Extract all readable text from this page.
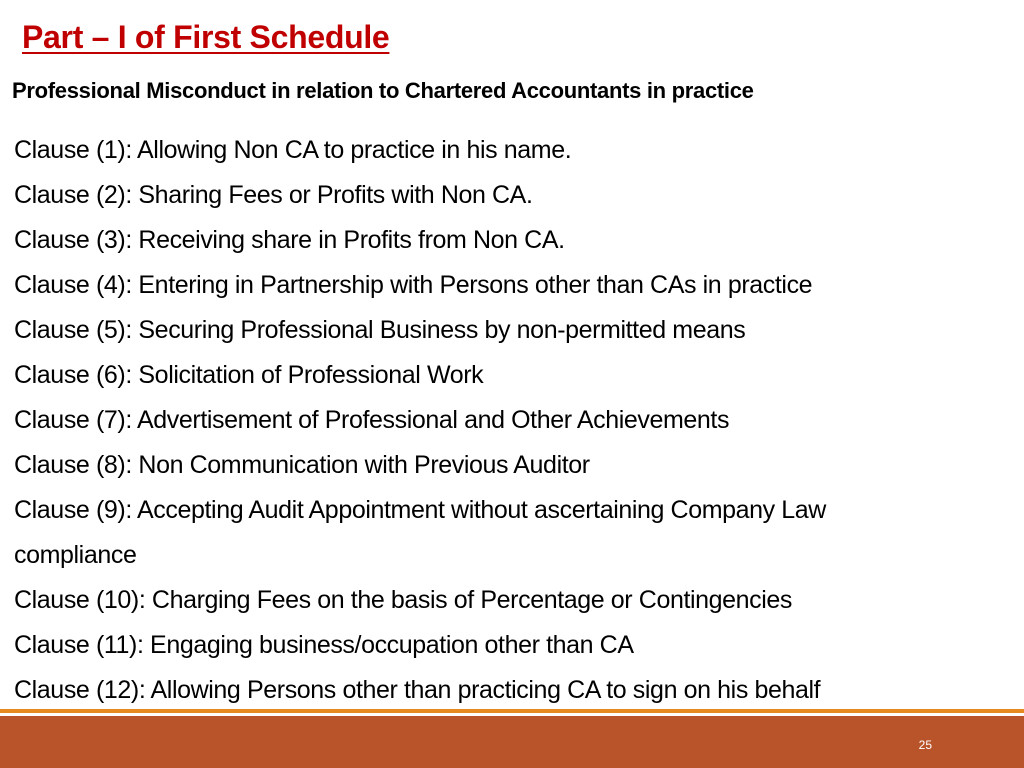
Part – I of First Schedule
Professional Misconduct in relation to Chartered Accountants in practice
Clause (1): Allowing Non CA to practice in his name.
Clause (2): Sharing Fees or Profits with Non CA.
Clause (3): Receiving share in Profits from Non CA.
Clause (4): Entering in Partnership with Persons other than CAs in practice
Clause (5): Securing Professional Business by non-permitted means
Clause (6): Solicitation of Professional Work
Clause (7): Advertisement of Professional and Other Achievements
Clause (8): Non Communication with Previous Auditor
Clause (9): Accepting Audit Appointment without ascertaining Company Law
compliance
Clause (10): Charging Fees on the basis of Percentage or Contingencies
Clause (11): Engaging business/occupation other than CA
Clause (12): Allowing Persons other than practicing CA to sign on his behalf
25
